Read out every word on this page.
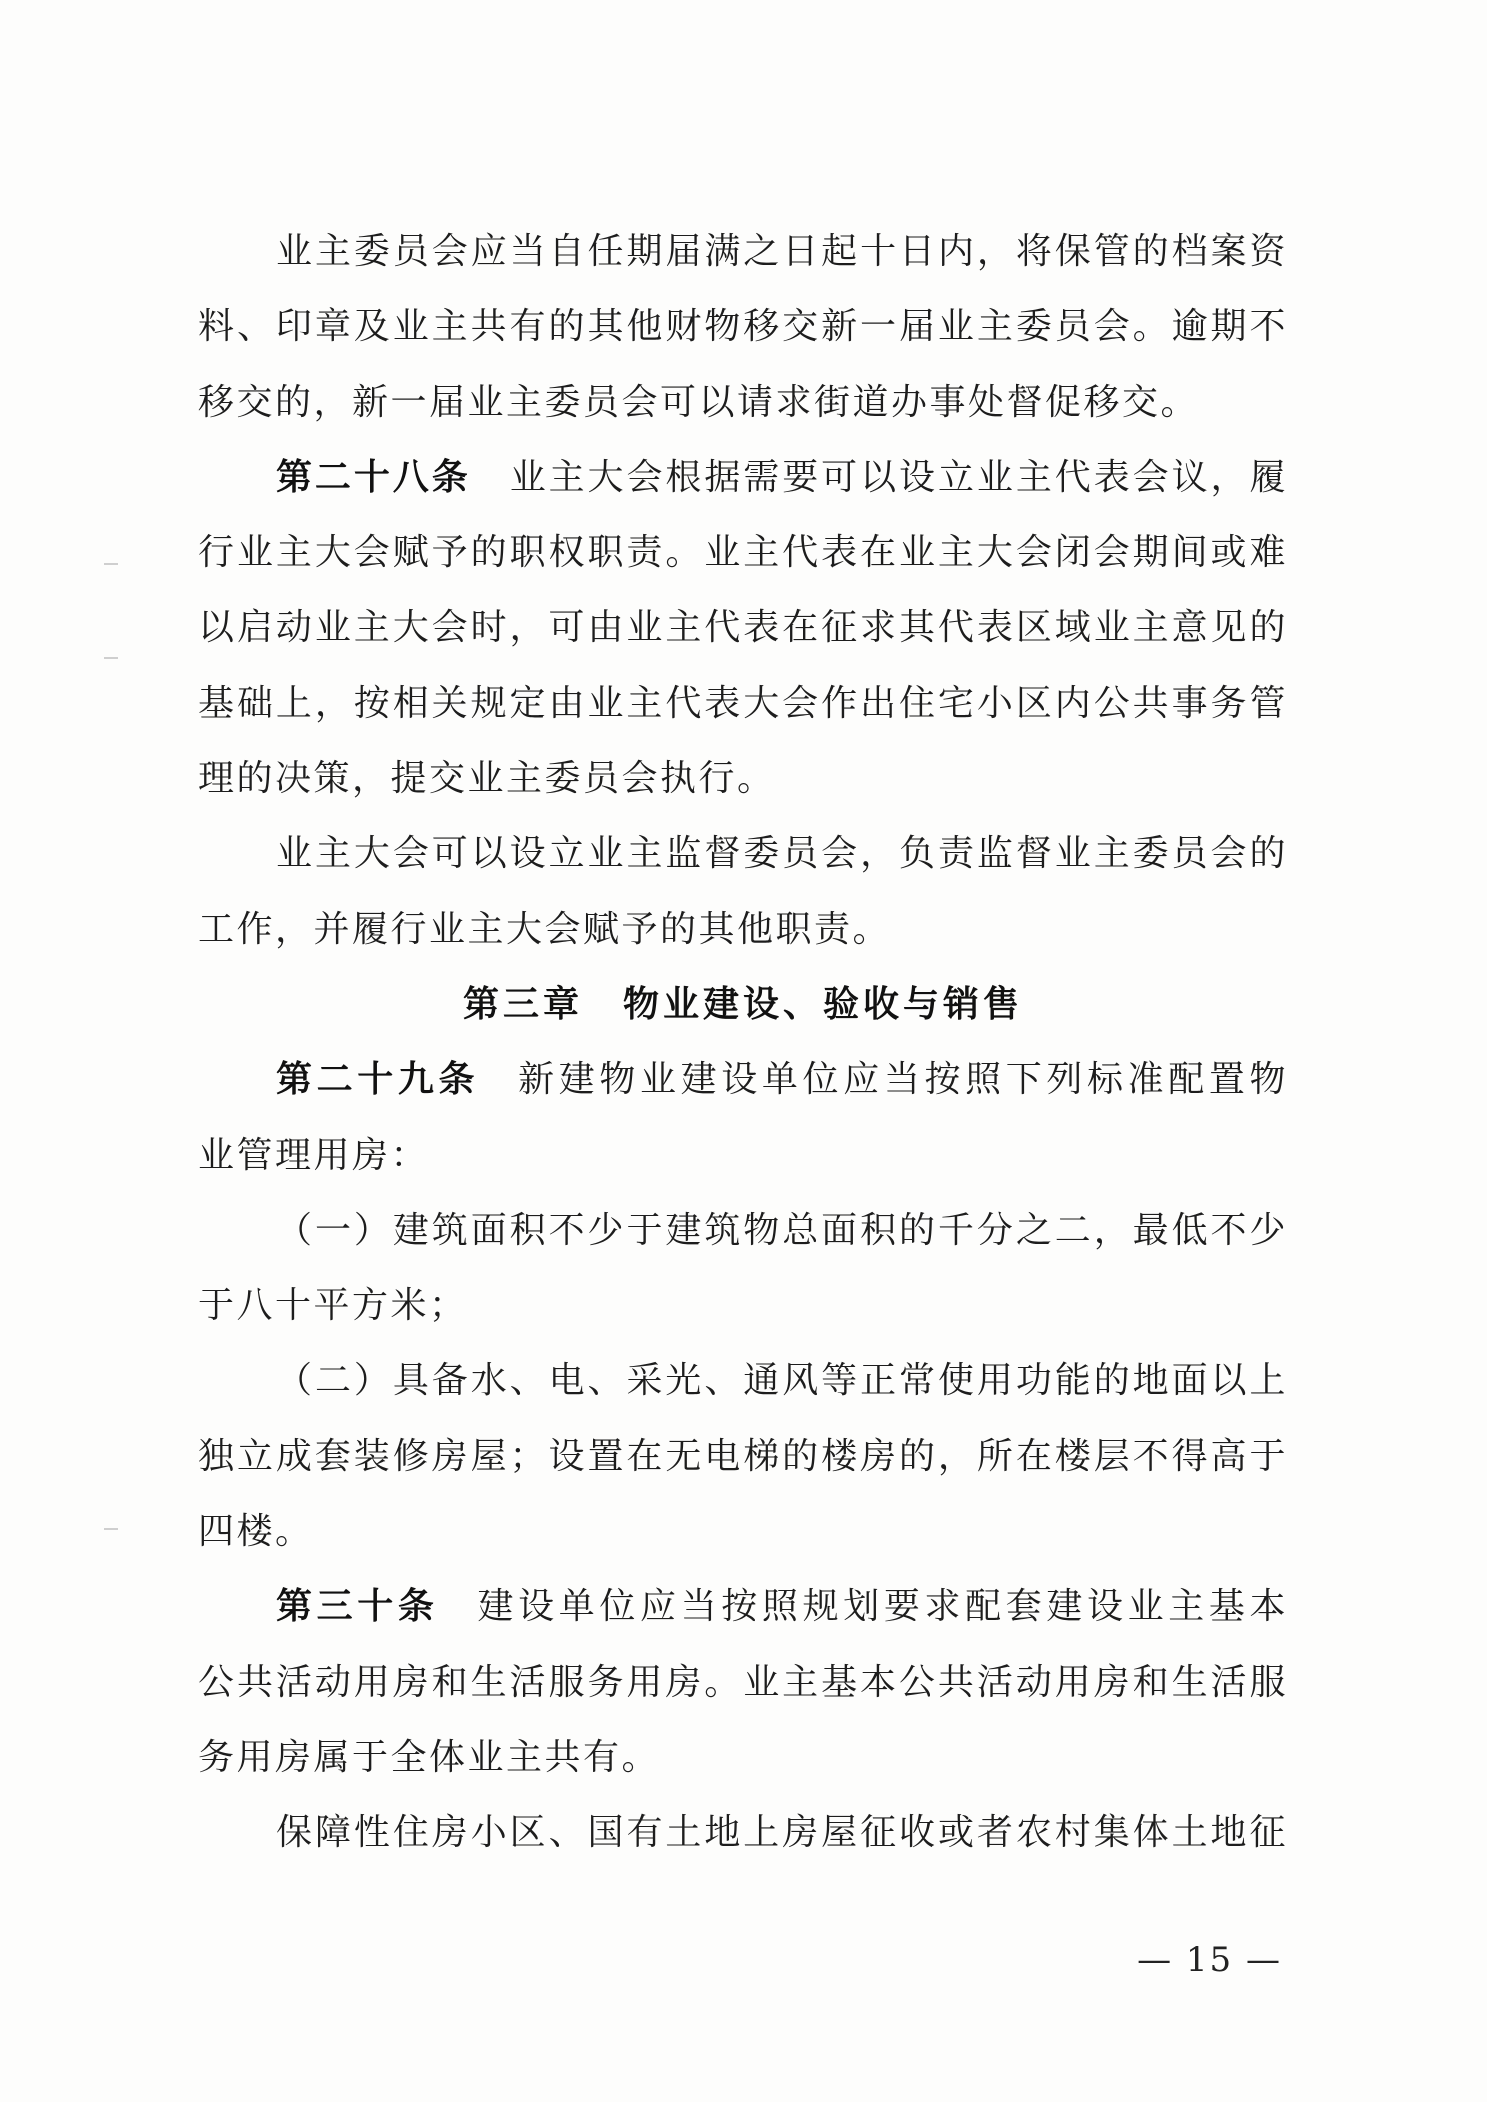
业主委员会应当自任期届满之日起十日内，将保管的档案资
料、印章及业主共有的其他财物移交新一届业主委员会。逾期不
移交的，新一届业主委员会可以请求街道办事处督促移交。
第二十八条 业主大会根据需要可以设立业主代表会议，履
行业主大会赋予的职权职责。业主代表在业主大会闭会期间或难
以启动业主大会时，可由业主代表在征求其代表区域业主意见的
基础上，按相关规定由业主代表大会作出住宅小区内公共事务管
理的决策，提交业主委员会执行。
业主大会可以设立业主监督委员会，负责监督业主委员会的
工作，并履行业主大会赋予的其他职责。
第三章　物业建设、验收与销售
第二十九条 新建物业建设单位应当按照下列标准配置物
业管理用房：
（一）建筑面积不少于建筑物总面积的千分之二，最低不少
于八十平方米；
（二）具备水、电、采光、通风等正常使用功能的地面以上
独立成套装修房屋；设置在无电梯的楼房的，所在楼层不得高于
四楼。
第三十条 建设单位应当按照规划要求配套建设业主基本
公共活动用房和生活服务用房。业主基本公共活动用房和生活服
务用房属于全体业主共有。
保障性住房小区、国有土地上房屋征收或者农村集体土地征
— 15 —
